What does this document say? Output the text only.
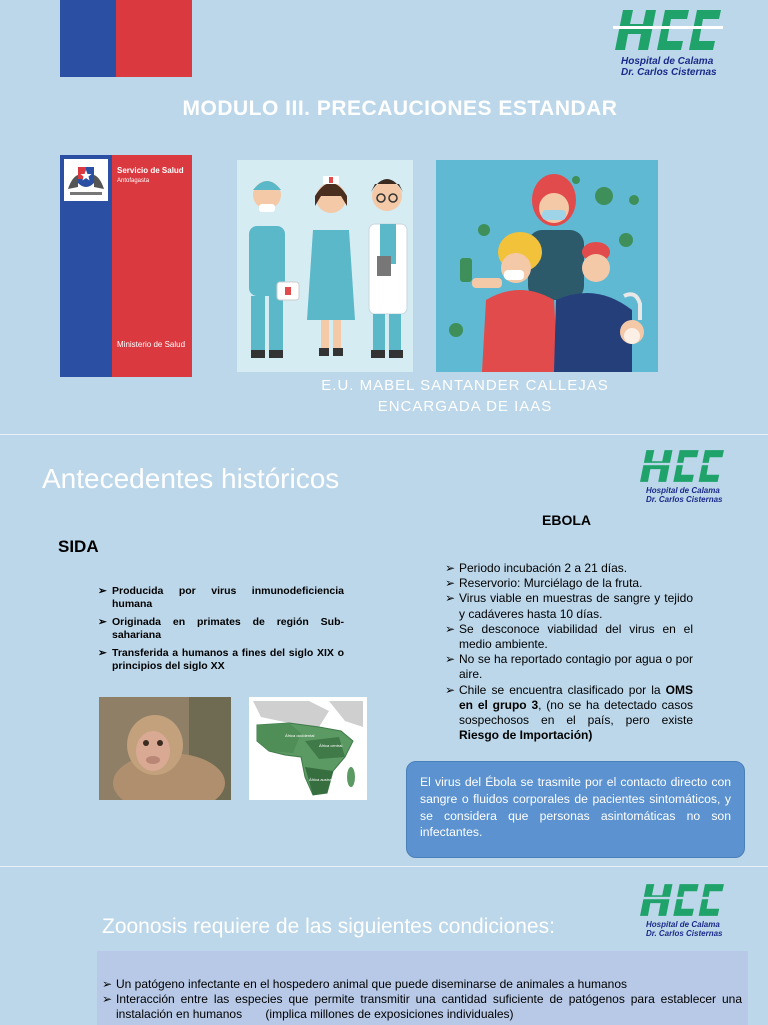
Hospital de Calama
Dr. Carlos Cisternas
MODULO III. PRECAUCIONES ESTANDAR
Servicio de Salud
Antofagasta
Ministerio de Salud
E.U. MABEL SANTANDER CALLEJAS
ENCARGADA DE IAAS
Hospital de Calama
Dr. Carlos Cisternas
Antecedentes históricos
SIDA
EBOLA
➢ Producida por virus inmunodeficiencia humana
➢ Originada en primates de región Sub-sahariana
➢ Transferida a humanos a fines del siglo XIX o principios del siglo XX
➢ Periodo incubación 2 a 21 días.
➢ Reservorio: Murciélago de la fruta.
➢ Virus viable en muestras de sangre y tejido y cadáveres hasta 10 días.
➢ Se desconoce viabilidad del virus en el medio ambiente.
➢ No se ha reportado contagio por agua o por aire.
➢ Chile se encuentra clasificado por la OMS en el grupo 3, (no se ha detectado casos sospechosos en el país, pero existe Riesgo de Importación)
África occidental
África central
África austral	El virus del Ébola se trasmite por el contacto directo con sangre o fluidos corporales de pacientes sintomáticos, y se considera que personas asintomáticas no son infectantes.
Hospital de Calama
Dr. Carlos Cisternas
Zoonosis requiere de las siguientes condiciones:
➢ Un patógeno infectante en el hospedero animal que puede diseminarse de animales a humanos
➢ Interacción entre las especies que permite transmitir una cantidad suficiente de patógenos para establecer una instalación en humanos       (implica millones de exposiciones individuales)
